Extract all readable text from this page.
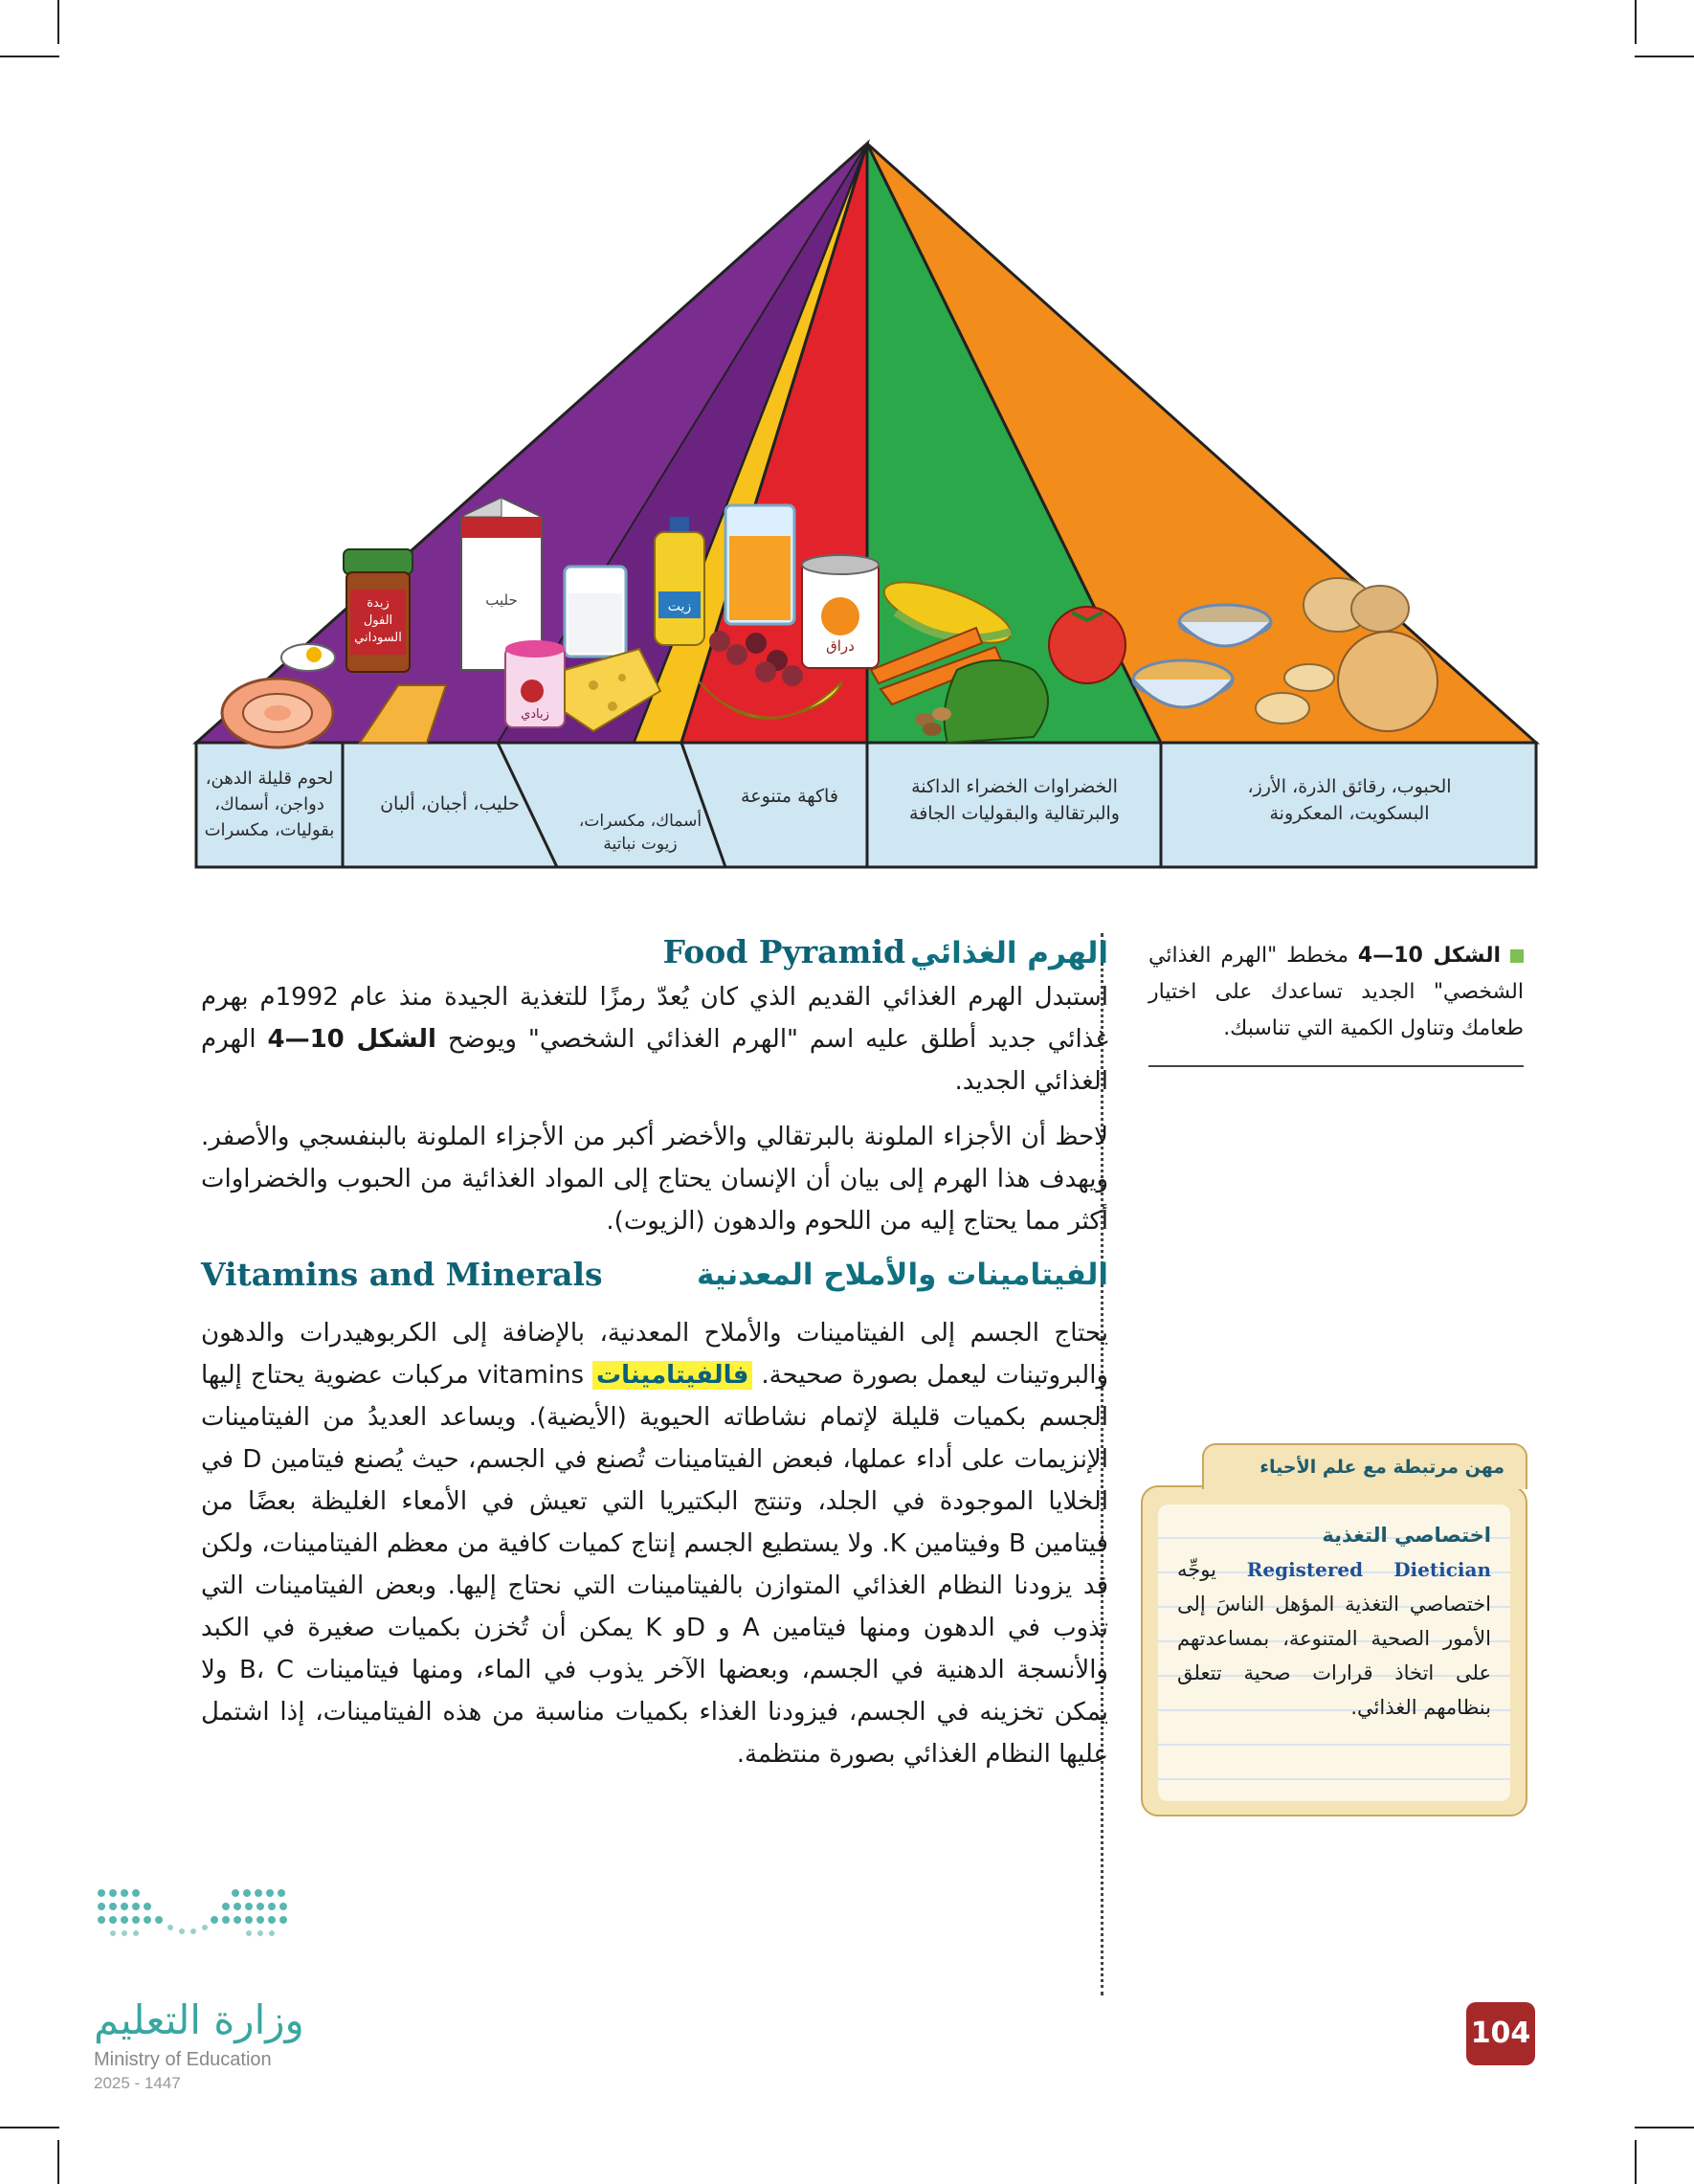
زبدة
الفول
السوداني
حليب
زبادي
زيت
دراق
لحوم قليلة الدهن،
دواجن، أسماك،
بقوليات، مكسرات
حليب، أجبان، ألبان
أسماك، مكسرات،
زيوت نباتية
فاكهة متنوعة	الخضراوات الخضراء الداكنة
والبرتقالية والبقوليات الجافة
الحبوب، رقائق الذرة، الأرز،
البسكويت، المعكرونة
الشكل 10—4 مخطط "الهرم الغذائي الشخصي" الجديد تساعدك على اختيار طعامك وتناول الكمية التي تناسبك.
الهرم الغذائي Food Pyramid

استبدل الهرم الغذائي القديم الذي كان يُعدّ رمزًا للتغذية الجيدة منذ عام 1992م بهرم غذائي جديد أطلق عليه اسم "الهرم الغذائي الشخصي" ويوضح الشكل 10—4 الهرم الغذائي الجديد.

لاحظ أن الأجزاء الملونة بالبرتقالي والأخضر أكبر من الأجزاء الملونة بالبنفسجي والأصفر. ويهدف هذا الهرم إلى بيان أن الإنسان يحتاج إلى المواد الغذائية من الحبوب والخضراوات أكثر مما يحتاج إليه من اللحوم والدهون (الزيوت).

الفيتامينات والأملاح المعدنية
Vitamins and Minerals

يحتاج الجسم إلى الفيتامينات والأملاح المعدنية، بالإضافة إلى الكربوهيدرات والدهون والبروتينات ليعمل بصورة صحيحة. فالفيتامينات vitamins مركبات عضوية يحتاج إليها الجسم بكميات قليلة لإتمام نشاطاته الحيوية (الأيضية). ويساعد العديدُ من الفيتامينات الإنزيمات على أداء عملها، فبعض الفيتامينات تُصنع في الجسم، حيث يُصنع فيتامين D في الخلايا الموجودة في الجلد، وتنتج البكتيريا التي تعيش في الأمعاء الغليظة بعضًا من فيتامين B وفيتامين K. ولا يستطيع الجسم إنتاج كميات كافية من معظم الفيتامينات، ولكن قد يزودنا النظام الغذائي المتوازن بالفيتامينات التي نحتاج إليها. وبعض الفيتامينات التي تذوب في الدهون ومنها فيتامين A و Dو K يمكن أن تُخزن بكميات صغيرة في الكبد والأنسجة الدهنية في الجسم، وبعضها الآخر يذوب في الماء، ومنها فيتامينات B، C ولا يمكن تخزينه في الجسم، فيزودنا الغذاء بكميات مناسبة من هذه الفيتامينات، إذا اشتمل عليها النظام الغذائي بصورة منتظمة.

اختصاصي التغذية
Registered Dietician يوجِّه اختصاصي التغذية المؤهل الناسَ إلى الأمور الصحية المتنوعة، بمساعدتهم على اتخاذ قرارات صحية تتعلق بنظامهم الغذائي.
مهن مرتبطة مع علم الأحياء
وزارة التعليم
Ministry of Education
2025 - 1447
104
